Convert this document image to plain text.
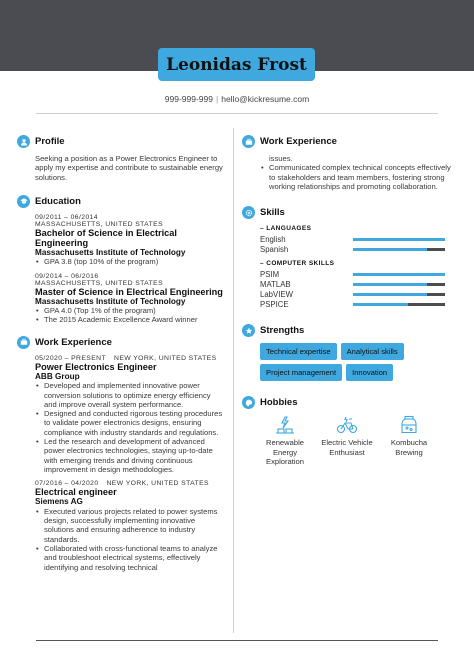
Leonidas Frost
999-999-999 | hello@kickresume.com
Profile

Seeking a position as a Power Electronics Engineer to apply my expertise and contribute to sustainable energy solutions.

Education
09/2011 – 06/2014
MASSACHUSETTS, UNITED STATES
Bachelor of Science in Electrical Engineering
Massachusetts Institute of Technology
• GPA 3.8 (top 10% of the program)
09/2014 – 06/2016
MASSACHUSETTS, UNITED STATES
Master of Science in Electrical Engineering
Massachusetts Institute of Technology
• GPA 4.0 (Top 1% of the program)
• The 2015 Academic Excellence Award winner
Work Experience
05/2020 – PRESENT NEW YORK, UNITED STATES
Power Electronics Engineer
ABB Group
• Developed and implemented innovative power conversion solutions to optimize energy efficiency and improve overall system performance.
• Designed and conducted rigorous testing procedures to validate power electronics designs, ensuring compliance with industry standards and regulations.
• Led the research and development of advanced power electronics technologies, staying up-to-date with emerging trends and driving continuous improvement in design methodologies.
07/2016 – 04/2020 NEW YORK, UNITED STATES
Electrical engineer
Siemens AG
• Executed various projects related to power systems design, successfully implementing innovative solutions and ensuring adherence to industry standards.
• Collaborated with cross-functional teams to analyze and troubleshoot electrical systems, effectively identifying and resolving technical
Work Experience

issues.

• Communicated complex technical concepts effectively to stakeholders and team members, fostering strong working relationships and promoting collaboration.
Skills
– LANGUAGES
English
Spanish
– COMPUTER SKILLS
PSIM
MATLAB
LabVIEW
PSPICE
Strengths
Technical expertise	Analytical skills
Project management	Innovation
Hobbies
Renewable Energy Exploration
Electric Vehicle Enthusiast
Kombucha Brewing
